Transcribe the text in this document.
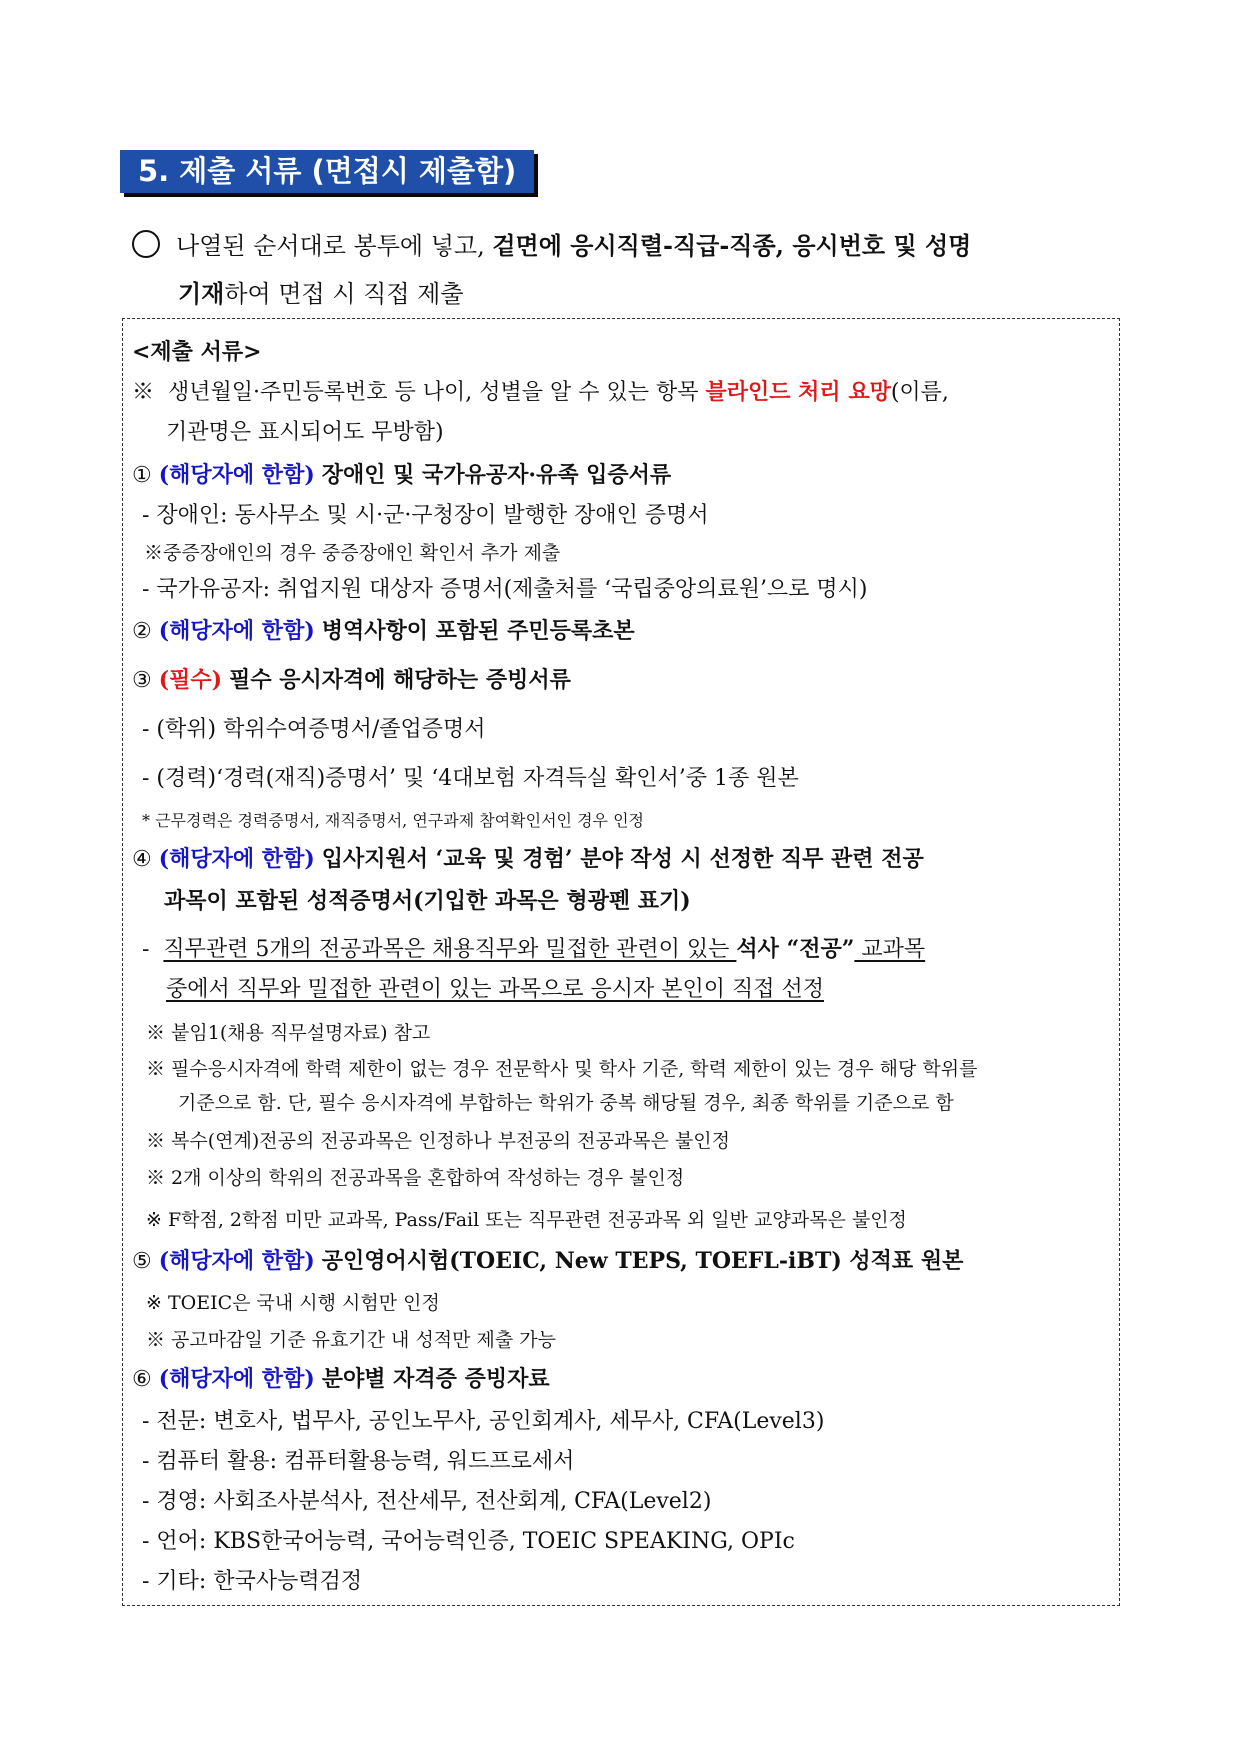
5. 제출 서류 (면접시 제출함)
나열된 순서대로 봉투에 넣고, 겉면에 응시직렬-직급-직종, 응시번호 및 성명
기재하여 면접 시 직접 제출
<제출 서류>
※ 생년월일·주민등록번호 등 나이, 성별을 알 수 있는 항목 블라인드 처리 요망(이름,
기관명은 표시되어도 무방함)
① (해당자에 한함) 장애인 및 국가유공자·유족 입증서류
- 장애인: 동사무소 및 시·군·구청장이 발행한 장애인 증명서
※중증장애인의 경우 중증장애인 확인서 추가 제출
- 국가유공자: 취업지원 대상자 증명서(제출처를 ‘국립중앙의료원’으로 명시)
② (해당자에 한함) 병역사항이 포함된 주민등록초본
③ (필수) 필수 응시자격에 해당하는 증빙서류
- (학위) 학위수여증명서/졸업증명서
- (경력)‘경력(재직)증명서’ 및 ‘4대보험 자격득실 확인서’중 1종 원본
* 근무경력은 경력증명서, 재직증명서, 연구과제 참여확인서인 경우 인정
④ (해당자에 한함) 입사지원서 ‘교육 및 경험’ 분야 작성 시 선정한 직무 관련 전공
과목이 포함된 성적증명서(기입한 과목은 형광펜 표기)
-  직무관련 5개의 전공과목은 채용직무와 밀접한 관련이 있는 석사 “전공” 교과목
중에서 직무와 밀접한 관련이 있는 과목으로 응시자 본인이 직접 선정
※ 붙임1(채용 직무설명자료) 참고
※ 필수응시자격에 학력 제한이 없는 경우 전문학사 및 학사 기준, 학력 제한이 있는 경우 해당 학위를
기준으로 함. 단, 필수 응시자격에 부합하는 학위가 중복 해당될 경우, 최종 학위를 기준으로 함
※ 복수(연계)전공의 전공과목은 인정하나 부전공의 전공과목은 불인정
※ 2개 이상의 학위의 전공과목을 혼합하여 작성하는 경우 불인정
※ F학점, 2학점 미만 교과목, Pass/Fail 또는 직무관련 전공과목 외 일반 교양과목은 불인정
⑤ (해당자에 한함) 공인영어시험(TOEIC, New TEPS, TOEFL-iBT) 성적표 원본
※ TOEIC은 국내 시행 시험만 인정
※ 공고마감일 기준 유효기간 내 성적만 제출 가능
⑥ (해당자에 한함) 분야별 자격증 증빙자료
- 전문: 변호사, 법무사, 공인노무사, 공인회계사, 세무사, CFA(Level3)
- 컴퓨터 활용: 컴퓨터활용능력, 워드프로세서
- 경영: 사회조사분석사, 전산세무, 전산회계, CFA(Level2)
- 언어: KBS한국어능력, 국어능력인증, TOEIC SPEAKING, OPIc
- 기타: 한국사능력검정
